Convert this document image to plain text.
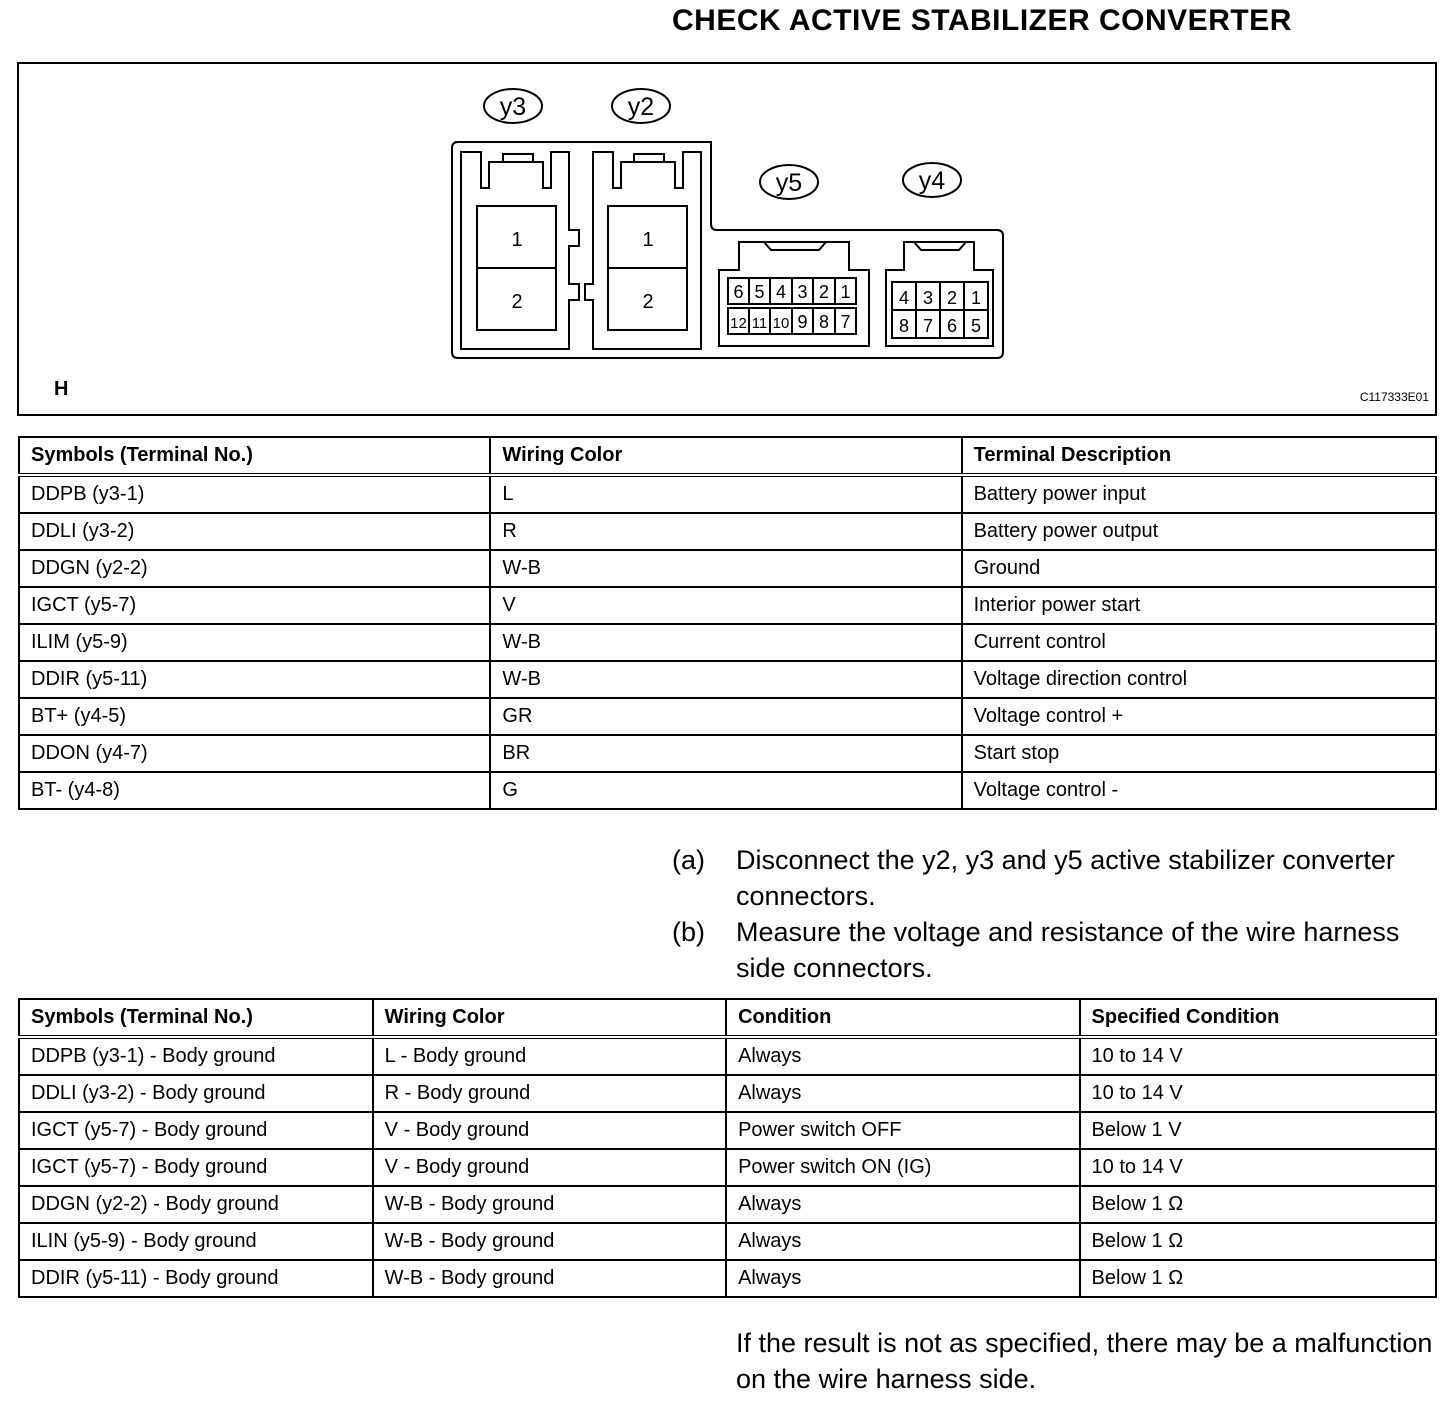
CHECK ACTIVE STABILIZER CONVERTER
1
2
1
2	6
12
5
11
4
10
3
9
2
8
1
7
4
8
3
7
2
6
1
5
y3	y2
y5	y4
H	C117333E01
Symbols (Terminal No.)	Wiring Color	Terminal Description
DDPB (y3-1)	L	Battery power input
DDLI (y3-2)	R	Battery power output
DDGN (y2-2)	W-B	Ground
IGCT (y5-7)	V	Interior power start
ILIM (y5-9)	W-B	Current control
DDIR (y5-11)	W-B	Voltage direction control
BT+ (y4-5)	GR	Voltage control +
DDON (y4-7)	BR	Start stop
BT- (y4-8)	G	Voltage control -
(a) Disconnect the y2, y3 and y5 active stabilizer converter connectors.
(b) Measure the voltage and resistance of the wire harness side connectors.
Symbols (Terminal No.)	Wiring Color	Condition	Specified Condition
DDPB (y3-1) - Body ground	L - Body ground	Always	10 to 14 V
DDLI (y3-2) - Body ground	R - Body ground	Always	10 to 14 V
IGCT (y5-7) - Body ground	V - Body ground	Power switch OFF	Below 1 V
IGCT (y5-7) - Body ground	V - Body ground	Power switch ON (IG)	10 to 14 V
DDGN (y2-2) - Body ground	W-B - Body ground	Always	Below 1 Ω
ILIN (y5-9) - Body ground	W-B - Body ground	Always	Below 1 Ω
DDIR (y5-11) - Body ground	W-B - Body ground	Always	Below 1 Ω
If the result is not as specified, there may be a malfunction on the wire harness side.
